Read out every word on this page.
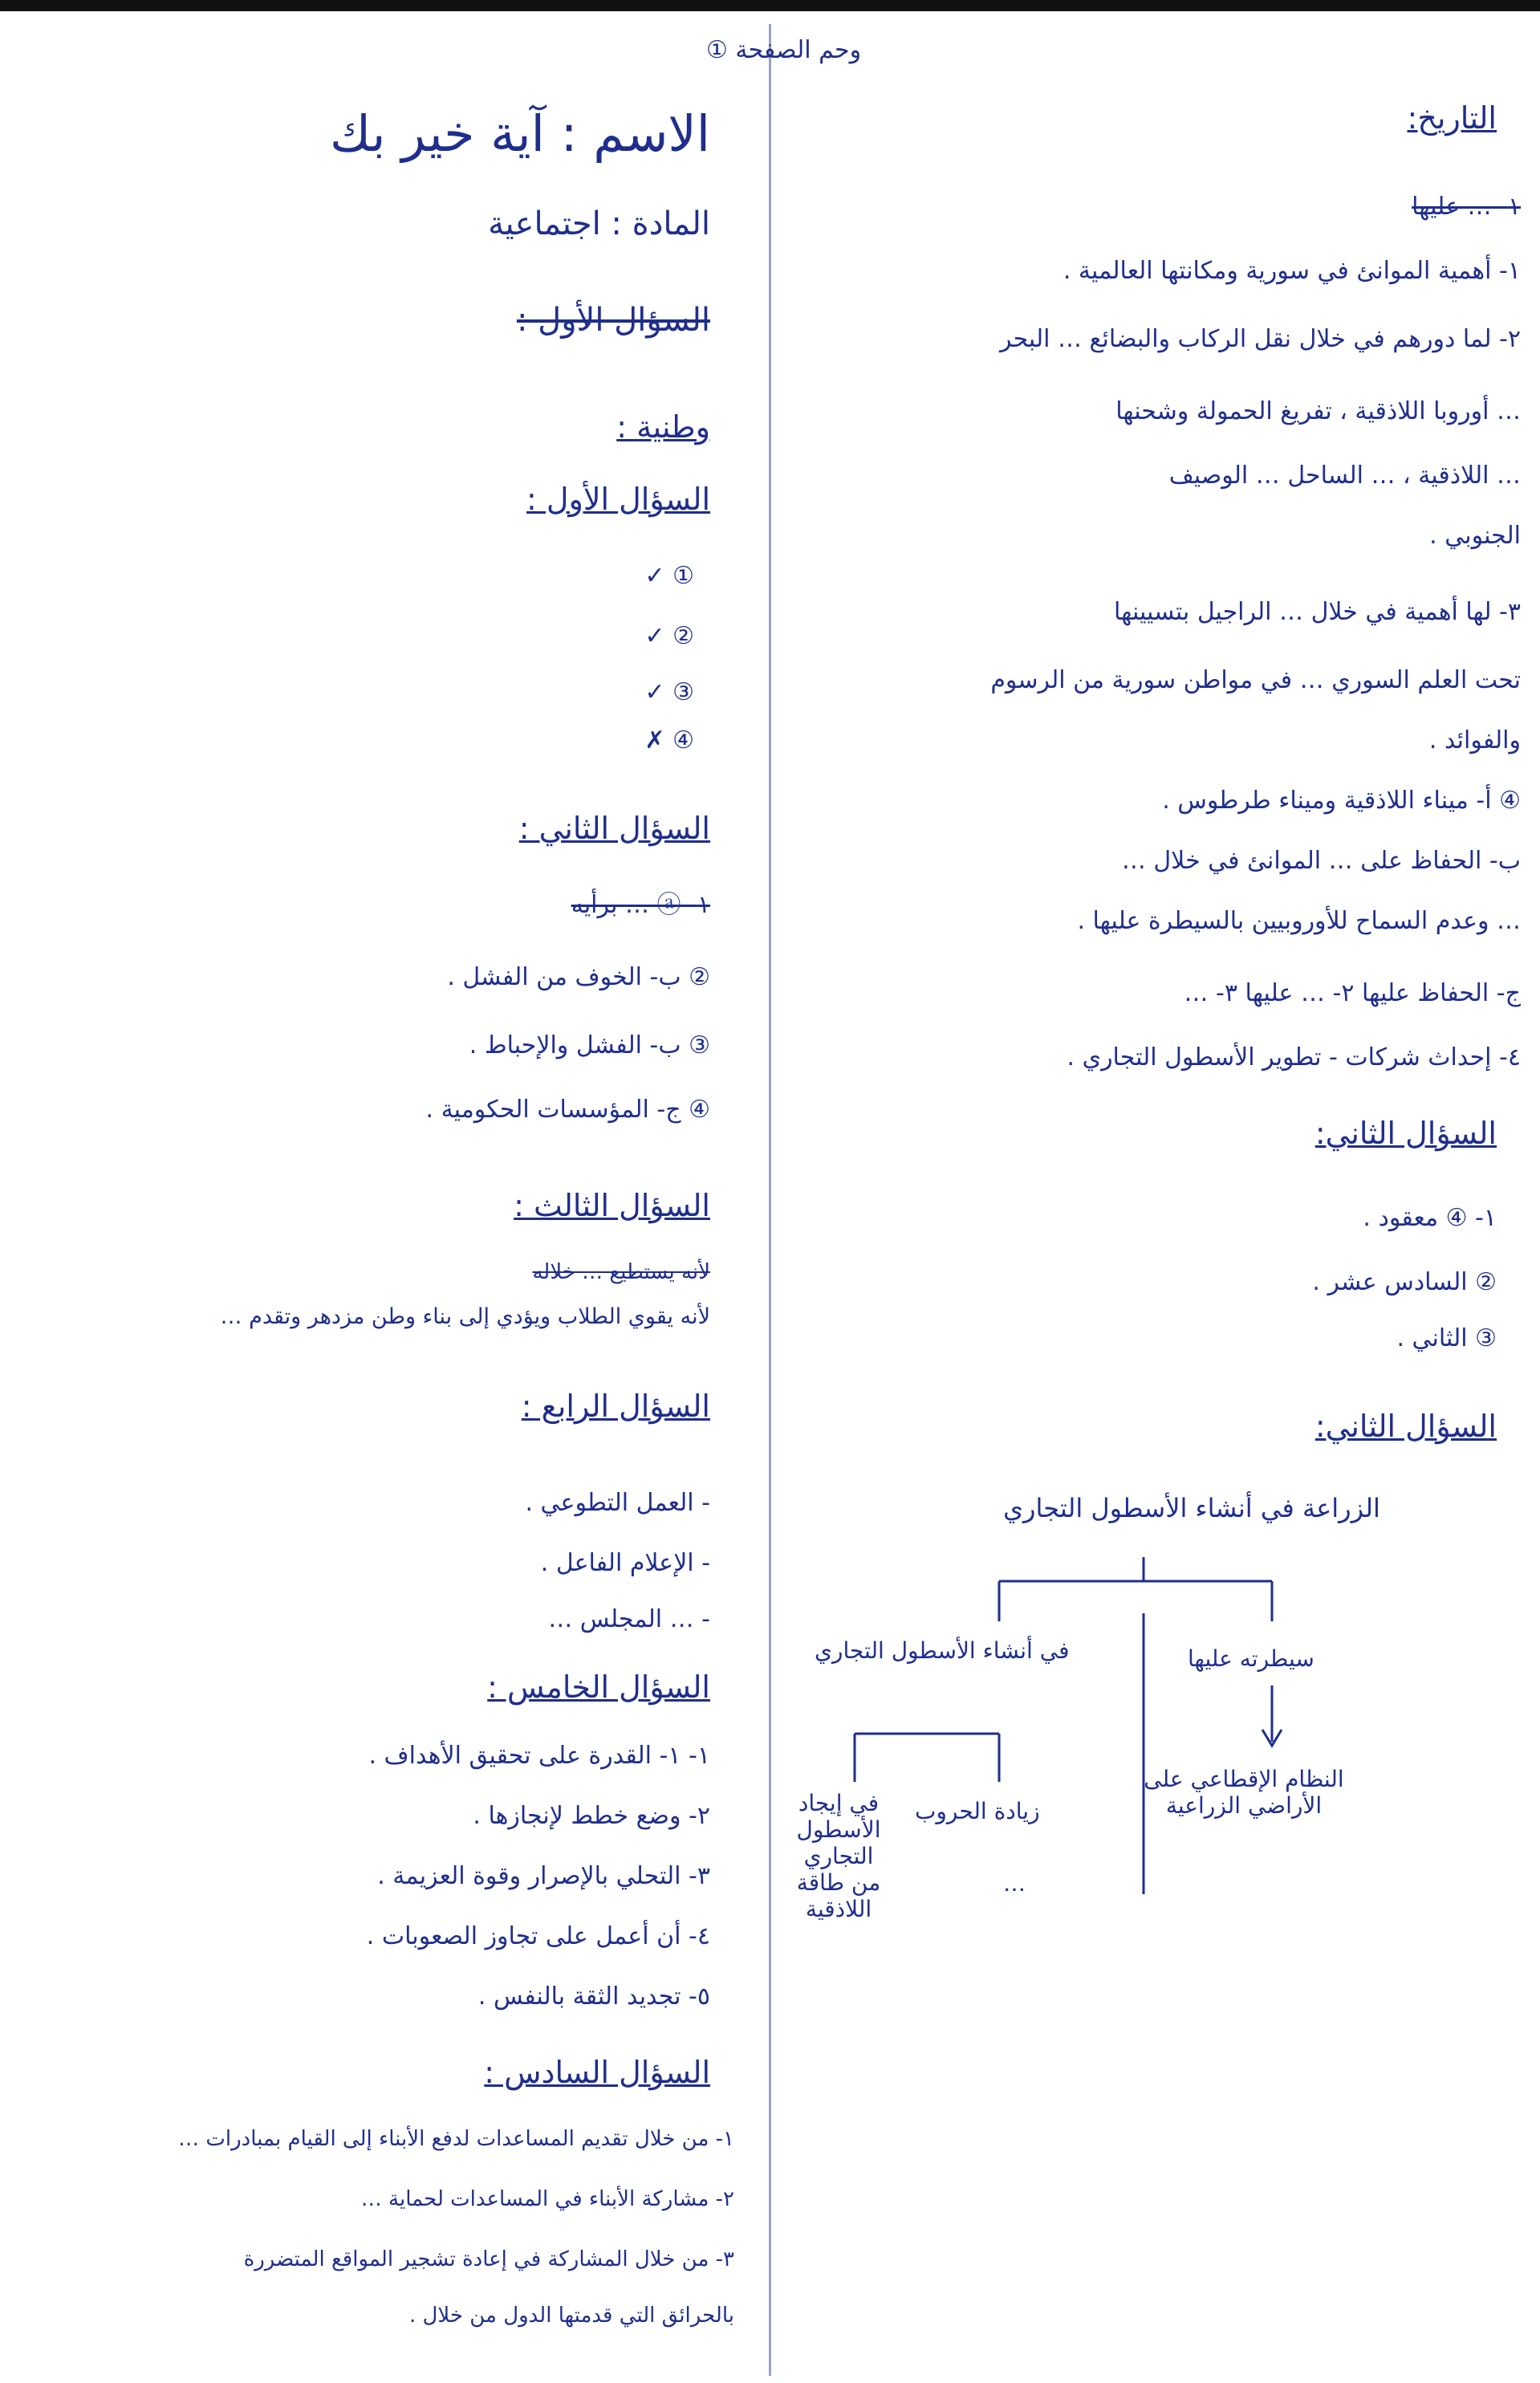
وحم الصفحة ①
التاريخ:
١- … عليها
١- أهمية الموانئ في سورية ومكانتها العالمية .
٢- لما دورهم في خلال نقل الركاب والبضائع … البحر
… أوروبا اللاذقية ، تفريغ الحمولة وشحنها
… اللاذقية ، … الساحل … الوصيف
الجنوبي .
٣- لها أهمية في خلال … الراجيل بتسيينها
تحت العلم السوري … في مواطن سورية من الرسوم
والفوائد .
④ أ- ميناء اللاذقية وميناء طرطوس .
ب- الحفاظ على … الموانئ في خلال …
… وعدم السماح للأوروبيين بالسيطرة عليها .
ج- الحفاظ عليها ٢- … عليها ٣- …
٤- إحداث شركات - تطوير الأسطول التجاري .
السؤال الثاني:
١- ④ معقود .
② السادس عشر .
③ الثاني .
السؤال الثاني:
الزراعة في أنشاء الأسطول التجاري
في أنشاء الأسطول التجاري	سيطرته عليها
النظام الإقطاعي على الأراضي الزراعية
في إيجاد الأسطول التجاري من طاقة اللاذقية
زيادة الحروب
…
الاسم : آية خير بك
المادة : اجتماعية
السؤال الأول :
وطنية :
السؤال الأول :
① ✓
② ✓
③ ✓
④ ✗
السؤال الثاني :
١- ⓐ … برأيه
② ب- الخوف من الفشل .
③ ب- الفشل والإحباط .
④ ج- المؤسسات الحكومية .
السؤال الثالث :
لأنه يستطيع … خلاله
لأنه يقوي الطلاب ويؤدي إلى بناء وطن مزدهر وتقدم …
السؤال الرابع :
- العمل التطوعي .
- الإعلام الفاعل .
- … المجلس …
السؤال الخامس :
١- ١- القدرة على تحقيق الأهداف .
٢- وضع خطط لإنجازها .
٣- التحلي بالإصرار وقوة العزيمة .
٤- أن أعمل على تجاوز الصعوبات .
٥- تجديد الثقة بالنفس .
السؤال السادس :
١- من خلال تقديم المساعدات لدفع الأبناء إلى القيام بمبادرات …
٢- مشاركة الأبناء في المساعدات لحماية …
٣- من خلال المشاركة في إعادة تشجير المواقع المتضررة
بالحرائق التي قدمتها الدول من خلال .
